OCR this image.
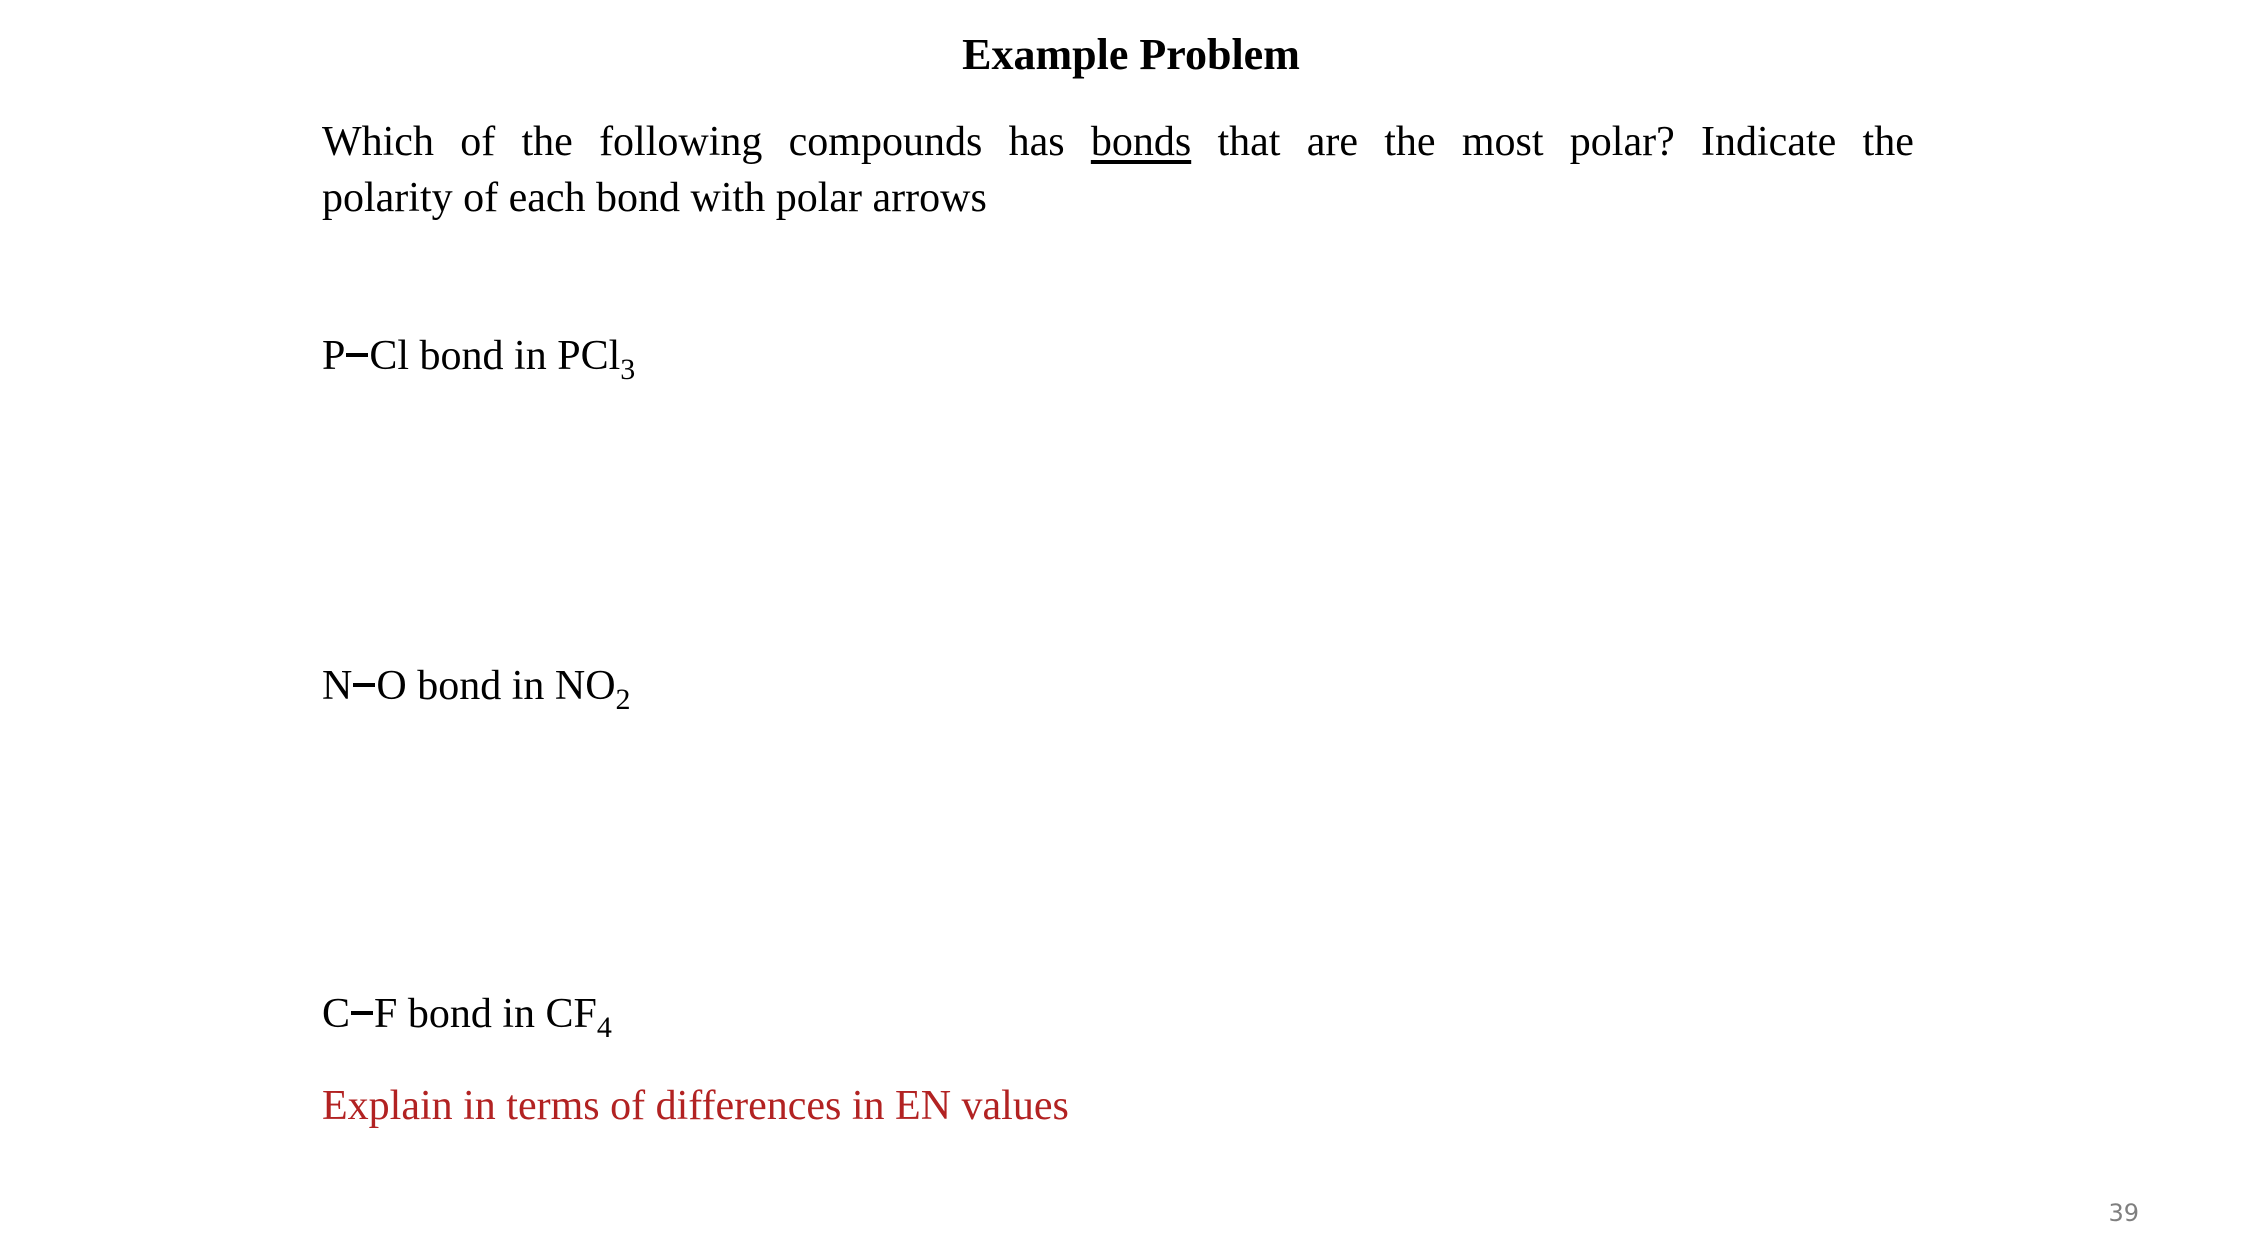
Example Problem
Which of the following compounds has bonds that are the most polar? Indicate the
polarity of each bond with polar arrows
P Cl bond in PCl$_3$
N O bond in $NO_2$
C F bond in $CF_4$
Explain in terms of differences in EN values
39
